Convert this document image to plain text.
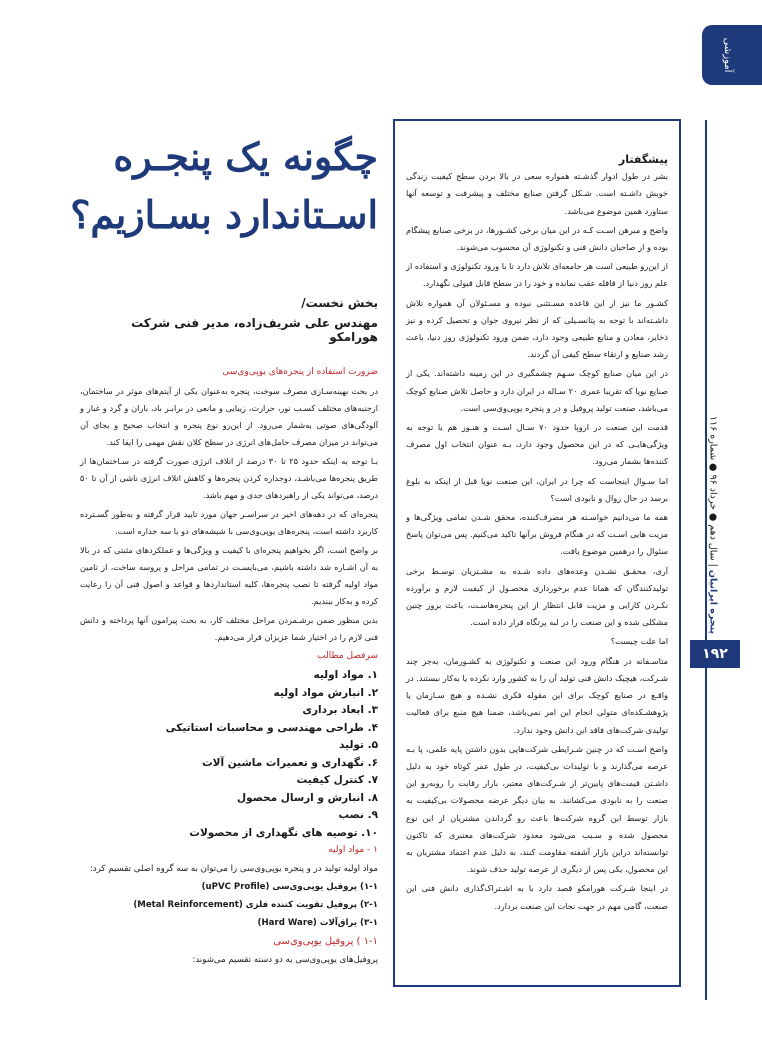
آموزشی
پنجره ایرانیان | سال دهم ● خرداد ۹۶ ● شماره ۱۱۶
۱۹۲
چگونه یک پنجـره
اسـتاندارد بسـازیم؟
بخش نخست/
مهندس علی شریف‌زاده، مدیر فنی شرکت هورامکو

ضرورت استفاده از پنجره‌های یو‌پی‌وی‌سی

در بحث بهینه‌سـازی مصرف سوخت، پنجره به‌عنوان یکی از آیتم‌های موثر در ساختمان، ازجنبه‌های مختلف کسـب نور، حرارت، زیبایی و مانعی در برابـر باد، باران و گرد و غبار و آلودگی‌های صوتی به‌شمار می‌رود. از این‌رو نوع پنجره و انتخاب صحیح و بجای آن می‌تواند در میزان مصرف حامل‌های انرژی در سطح کلان نقش مهمی را ایفا کند.

بـا توجه به اینکه حدود ۲۵ تا ۳۰ درصد از اتلاف انرژی صورت گرفته در سـاختمان‌ها از طریق پنجره‌ها می‌باشـد، دوجداره کردن پنجره‌ها و کاهش اتلاف انرژی ناشی از آن تا ۵۰ درصد، می‌تواند یکی از راهبردهای جدی و مهم باشد.

پنجره‌ای که در دهه‌های اخیر در سراسـر جهان مورد تایید قرار گرفته و به‌طور گسـترده کاربرد داشته است، پنجره‌های یو‌پی‌وی‌سی با شیشه‌های دو یا سه جداره است.

بر واضح است، اگر بخواهیم پنجره‌ای با کیفیت و ویژگی‌ها و عملکردهای مثبتی که در بالا به آن اشـاره شد داشته باشیم، می‌بایسـت در تمامی مراحل و پروسه ساخت، از تامین مواد اولیه گرفته تا نصب پنجره‌ها، کلیه استانداردها و قواعد و اصول فنی آن را رعایت کرده و به‌کار ببندیم.

بدین منظور ضمن برشـمردن مراحل مختلف کار، به بحث پیرامون آنها پرداخته و دانش فنی لازم را در اختیار شما عزیزان قرار می‌دهیم.

سرفصل مطالب

۱. مواد اولیه
۲. انبارش مواد اولیه
۳. ابعاد برداری
۴. طراحی مهندسی و محاسبات استاتیکی
۵. تولید
۶. نگهداری و تعمیرات ماشین آلات
۷. کنترل کیفیت
۸. انبارش و ارسال محصول
۹. نصب
۱۰. توصیه های نگهداری از محصولات

۱ - مواد اولیه

مواد اولیه تولید در و پنجره یو‌پی‌وی‌سی را می‌توان به سه گروه اصلی تقسیم کرد:

۱-۱) پروفیل یو‌پی‌وی‌سی (uPVC Profile)

۲-۱) پروفیل تقویت کننده فلزی (Metal Reinforcement)

۳-۱) یراق‌آلات (Hard Ware)

۱-۱ ) پروفیل یو‌پی‌وی‌سی

پروفیل‌های یو‌پی‌وی‌سی به دو دسته تقسیم می‌شوند:

پیشگفتار

بشر در طول ادوار گذشـته همواره سعی در بالا بردن سطح کیفیت زندگی خویش داشـته است. شـکل گرفتن صنایع مختلف و پیشرفت و توسعه آنها ستاورد همین موضوع می‌باشد.

واضح و مبرهن اسـت کـه در این میان برخی کشـورها، در برخی صنایع پیشگام بوده و از صاحبان دانش فنی و تکنولوژی آن محسوب می‌شوند.

از این‌رو طبیعی است هر جامعه‌ای تلاش دارد تا با ورود تکنولوژی و استفاده از علم روز دنیا از قافله عقب نمانده و خود را در سطح قابل قبولی نگهدارد.

کشـور ما نیز از این قاعده مسـتثنی نبوده و مسـئولان آن همواره تلاش داشـته‌اند با توجه به پتانسـیلی که از نظر نیروی جوان و تحصیل کرده و نیز ذخایر، معادن و منابع طبیعی وجود دارد، ضمن ورود تکنولوژی روز دنیا، باعث رشد صنایع و ارتقاء سطح کیفی آن گردند.

در این میان صنایع کوچک سـهم چشمگیری در این زمینه داشته‌اند. یکی از صنایع نوپا که تقریبا عمری ۲۰ سـاله در ایران دارد و حاصل تلاش صنایع کوچک می‌باشد، صنعت تولید پروفیل و در و پنجره یو‌پی‌وی‌سی است.

قدمت این صنعت در اروپا حدود ۷۰ سـال اسـت و هنـوز هم با توجه به ویژگی‌هایـی که در این محصول وجود دارد، بـه عنوان انتخاب اول مصرف کننده‌ها بشمار می‌رود.

اما سـوال اینجاست که چرا در ایران، این صنعت نوپا قبل از اینکه به بلوغ برسد در حال زوال و نابودی است؟

همه ما می‌دانیم خواسـته هر مصرف‌کننده، محقق شـدن تمامی ویژگی‌ها و مزیت هایی اسـت که در هنگام فروش برآنها تاکید می‌کنیم. پس می‌توان پاسخ سئوال را درهمین موضوع یافت.

آری، محقـق نشـدن وعده‌های داده شـده به مشـتریان توسـط برخی تولیدکنندگان که همانا عدم برخورداری محصـول از کیفیت لازم و برآورده نکـردن کارایی و مزیت قابل انتظار از این پنجره‌هاسـت، باعث بروز چنین مشکلی شده و این صنعت را در لبه پرتگاه قرار داده است.

اما علت چیست؟

متاسـفانه در هنگام ورود این صنعت و تکنولوژی به کشـورمان، به‌جز چند شـرکت، هیچیک دانش فنی تولید آن را به کشور وارد نکرده یا به‌کار نبستند. در واقـع در صنایع کوچک برای این مقوله فکری نشـده و هیچ سـازمان یا پژوهشـکده‌ای متولی انجام این امر نمی‌باشد، ضمنا هیچ منبع برای فعالیت تولیدی شرکت‌های فاقد این دانش وجود ندارد.

واضح اسـت که در چنین شـرایطی شرکت‌هایی بدون داشتن پایه علمی، پا بـه عرصه می‌گذارند و با تولیدات بی‌کیفیت، در طول عمر کوتاه خود به دلیل داشـتن قیمت‌های پایین‌تر از شـرکت‌های معتبر، بازار رقابت را روبه‌رو این صنعت را به نابودی می‌کشانند. به بیان دیگر عرضه محصولات بی‌کیفیت به بازار توسط این گروه شرکت‌ها باعث رو گرداندن مشتریان از این نوع محصول شده و سـبب می‌شود معدود شرکت‌های معتبری که تاکنون توانسته‌اند دراین بازار آشفته مقاومت کنند، به دلیل عدم اعتماد مشتریان به این محصول، یکی پس از دیگری از عرصه تولید حذف شوند.

در اینجا شـرکت هورامکو قصد دارد با به اشـتراک‌گذاری دانش فنی این صنعت، گامی مهم در جهت نجات این صنعت بردارد.
